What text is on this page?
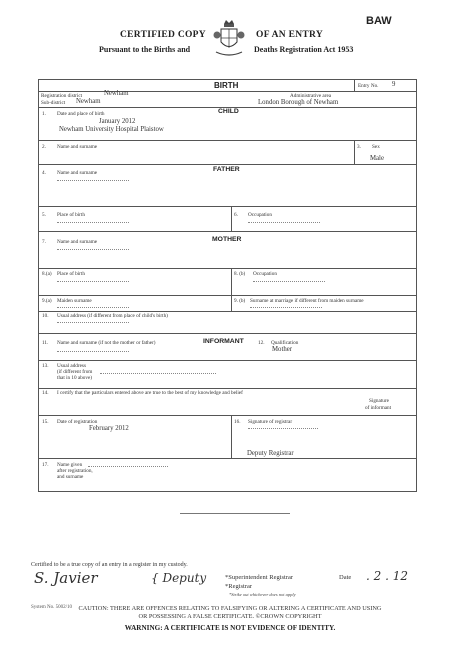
CERTIFIED COPY	OF AN ENTRY
Pursuant to the Births and	Deaths Registration Act 1953
BAW
BIRTH	Entry No. 9
Registration district	Newham	Administrative area
Sub-district Newham	London Borough of Newham
CHILD
1. Date and place of birth
January 2012
Newham University Hospital Plaistow
2. Name and surname	3. Sex
Male
FATHER
4. Name and surname
5. Place of birth	6. Occupation
MOTHER
7. Name and surname
8.(a) Place of birth	8. (b) Occupation
9.(a) Maiden surname	9. (b) Surname at marriage if different from maiden surname
10. Usual address (if different from place of child's birth)
11. Name and surname (if not the mother or father)	INFORMANT	12. Qualification
Mother
13. Usual address
(if different from
that in 10 above)
14. I certify that the particulars entered above are true to the best of my knowledge and belief
Signature
of informant
15. Date of registration
February 2012
16. Signature of registrar
Deputy Registrar
17. Name given
after registration,
and surname
Certified to be a true copy of an entry in a register in my custody.
S. Javier	{ Deputy	*Superintendent Registrar
*Registrar
*Strike out whichever does not apply
Date . 2 . 12
System No. 5002/10	CAUTION: THERE ARE OFFENCES RELATING TO FALSIFYING OR ALTERING A CERTIFICATE AND USING
OR POSSESSING A FALSE CERTIFICATE. ©CROWN COPYRIGHT
WARNING: A CERTIFICATE IS NOT EVIDENCE OF IDENTITY.
